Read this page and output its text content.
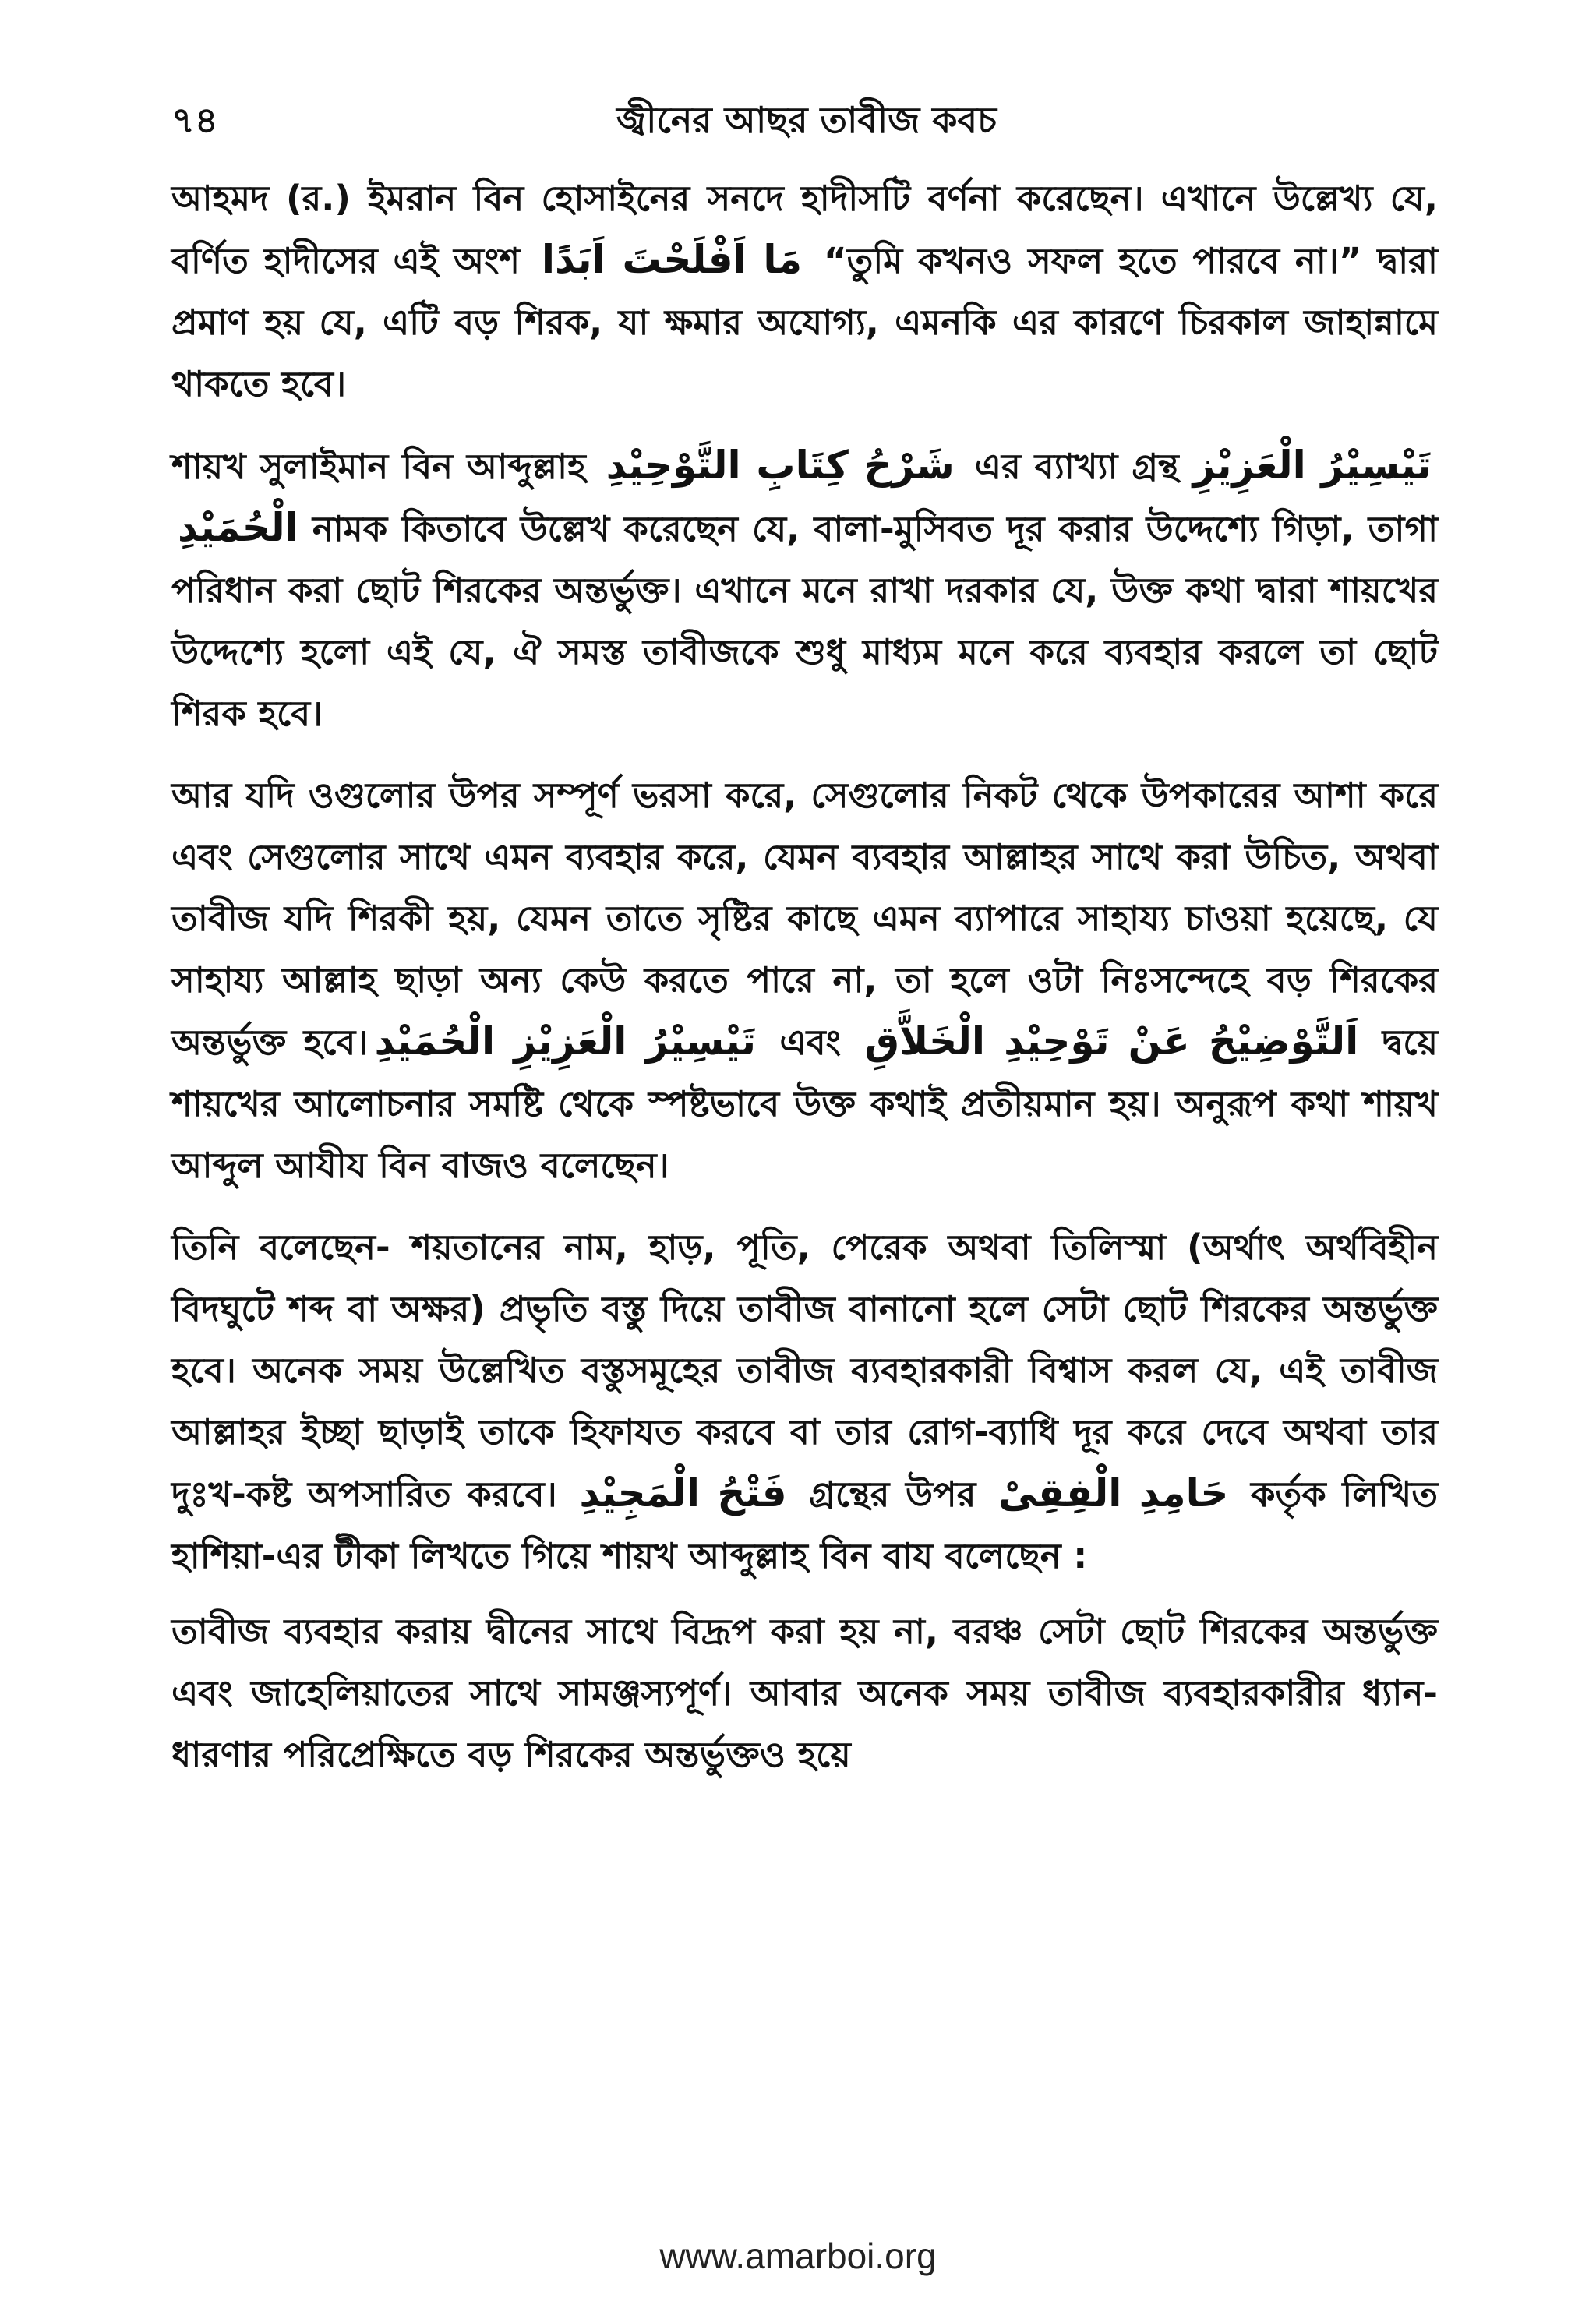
৭৪	জ্বীনের আছর তাবীজ কবচ

আহমদ (র.) ইমরান বিন হোসাইনের সনদে হাদীসটি বর্ণনা করেছেন। এখানে উল্লেখ্য যে, বর্ণিত হাদীসের এই অংশ مَا اَفْلَحْتَ اَبَدًا “তুমি কখনও সফল হতে পারবে না।” দ্বারা প্রমাণ হয় যে, এটি বড় শিরক, যা ক্ষমার অযোগ্য, এমনকি এর কারণে চিরকাল জাহান্নামে থাকতে হবে।

শায়খ সুলাইমান বিন আব্দুল্লাহ شَرْحُ كِتَابِ التَّوْحِيْدِ এর ব্যাখ্যা গ্রন্থ تَيْسِيْرُ الْعَزِيْزِ الْحُمَيْدِ নামক কিতাবে উল্লেখ করেছেন যে, বালা-মুসিবত দূর করার উদ্দেশ্যে গিড়া, তাগা পরিধান করা ছোট শিরকের অন্তর্ভুক্ত। এখানে মনে রাখা দরকার যে, উক্ত কথা দ্বারা শায়খের উদ্দেশ্যে হলো এই যে, ঐ সমস্ত তাবীজকে শুধু মাধ্যম মনে করে ব্যবহার করলে তা ছোট শিরক হবে।

আর যদি ওগুলোর উপর সম্পূর্ণ ভরসা করে, সেগুলোর নিকট থেকে উপকারের আশা করে এবং সেগুলোর সাথে এমন ব্যবহার করে, যেমন ব্যবহার আল্লাহর সাথে করা উচিত, অথবা তাবীজ যদি শিরকী হয়, যেমন তাতে সৃষ্টির কাছে এমন ব্যাপারে সাহায্য চাওয়া হয়েছে, যে সাহায্য আল্লাহ ছাড়া অন্য কেউ করতে পারে না, তা হলে ওটা নিঃসন্দেহে বড় শিরকের অন্তর্ভুক্ত হবে। تَيْسِيْرُ الْعَزِيْزِ الْحُمَيْدِ এবং اَلتَّوْضِيْحُ عَنْ تَوْحِيْدِ الْخَلاَّقِ দ্বয়ে শায়খের আলোচনার সমষ্টি থেকে স্পষ্টভাবে উক্ত কথাই প্রতীয়মান হয়। অনুরূপ কথা শায়খ আব্দুল আযীয বিন বাজও বলেছেন।

তিনি বলেছেন- শয়তানের নাম, হাড়, পূতি, পেরেক অথবা তিলিস্মা (অর্থাৎ অর্থবিহীন বিদঘুটে শব্দ বা অক্ষর) প্রভৃতি বস্তু দিয়ে তাবীজ বানানো হলে সেটা ছোট শিরকের অন্তর্ভুক্ত হবে। অনেক সময় উল্লেখিত বস্তুসমূহের তাবীজ ব্যবহারকারী বিশ্বাস করল যে, এই তাবীজ আল্লাহর ইচ্ছা ছাড়াই তাকে হিফাযত করবে বা তার রোগ-ব্যাধি দূর করে দেবে অথবা তার দুঃখ-কষ্ট অপসারিত করবে। فَتْحُ الْمَجِيْدِ গ্রন্থের উপর حَامِدِ الْفِقِىْ কর্তৃক লিখিত হাশিয়া-এর টীকা লিখতে গিয়ে শায়খ আব্দুল্লাহ বিন বায বলেছেন :

তাবীজ ব্যবহার করায় দ্বীনের সাথে বিদ্রূপ করা হয় না, বরঞ্চ সেটা ছোট শিরকের অন্তর্ভুক্ত এবং জাহেলিয়াতের সাথে সামঞ্জস্যপূর্ণ। আবার অনেক সময় তাবীজ ব্যবহারকারীর ধ্যান-ধারণার পরিপ্রেক্ষিতে বড় শিরকের অন্তর্ভুক্তও হয়ে

www.amarboi.org
